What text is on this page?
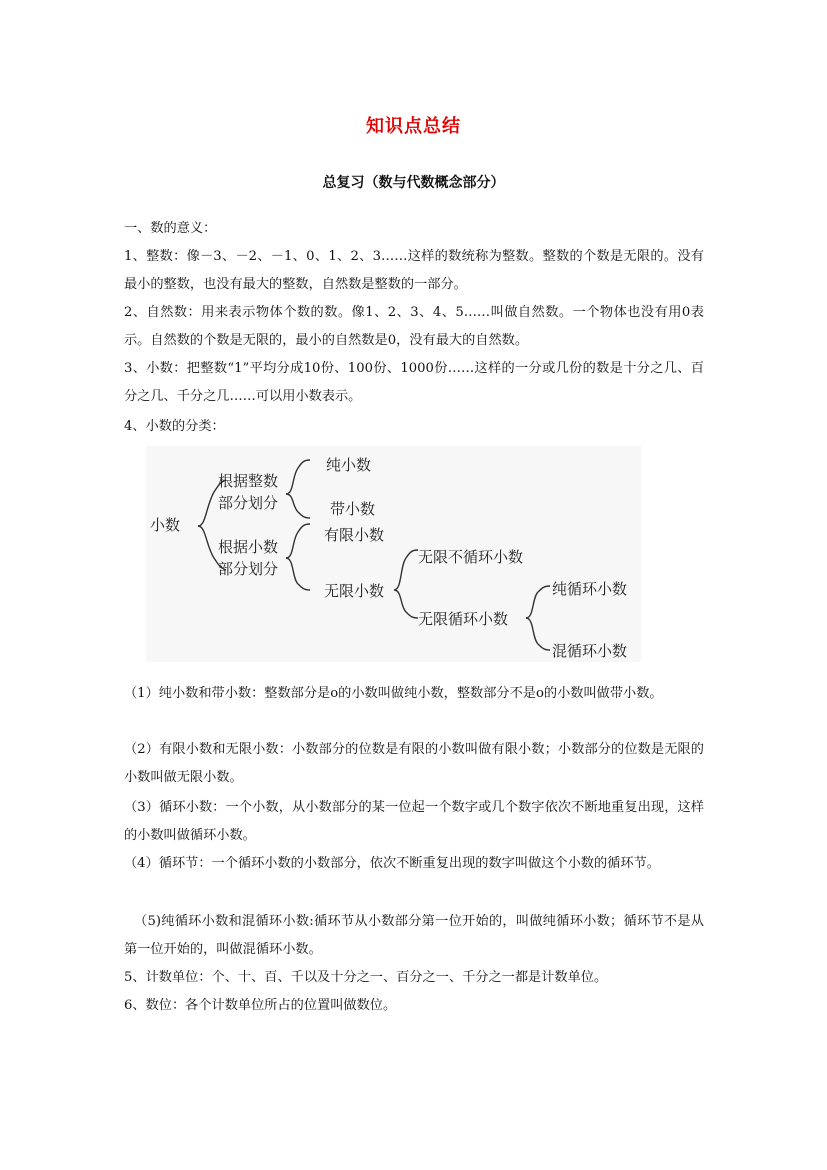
知识点总结
总复习（数与代数概念部分）
一、数的意义：
1、整数：像－3、－2、－1、0、1、2、3……这样的数统称为整数。整数的个数是无限的。没有最小的整数，也没有最大的整数，自然数是整数的一部分。
2、自然数：用来表示物体个数的数。像1、2、3、4、5……叫做自然数。一个物体也没有用0表示。自然数的个数是无限的，最小的自然数是0，没有最大的自然数。
3、小数：把整数“1”平均分成10份、100份、1000份……这样的一分或几份的数是十分之几、百分之几、千分之几……可以用小数表示。
4、小数的分类：
小数
根据整数
部分划分
纯小数
带小数
根据小数
部分划分
有限小数
无限小数
无限不循环小数
无限循环小数
纯循环小数
混循环小数
（1）纯小数和带小数：整数部分是o的小数叫做纯小数，整数部分不是o的小数叫做带小数。
（2）有限小数和无限小数：小数部分的位数是有限的小数叫做有限小数；小数部分的位数是无限的小数叫做无限小数。
（3）循环小数：一个小数，从小数部分的某一位起一个数字或几个数字依次不断地重复出现，这样的小数叫做循环小数。
（4）循环节：一个循环小数的小数部分，依次不断重复出现的数字叫做这个小数的循环节。
（5)纯循环小数和混循环小数:循环节从小数部分第一位开始的，叫做纯循环小数；循环节不是从第一位开始的，叫做混循环小数。
5、计数单位：个、十、百、千以及十分之一、百分之一、千分之一都是计数单位。
6、数位：各个计数单位所占的位置叫做数位。
